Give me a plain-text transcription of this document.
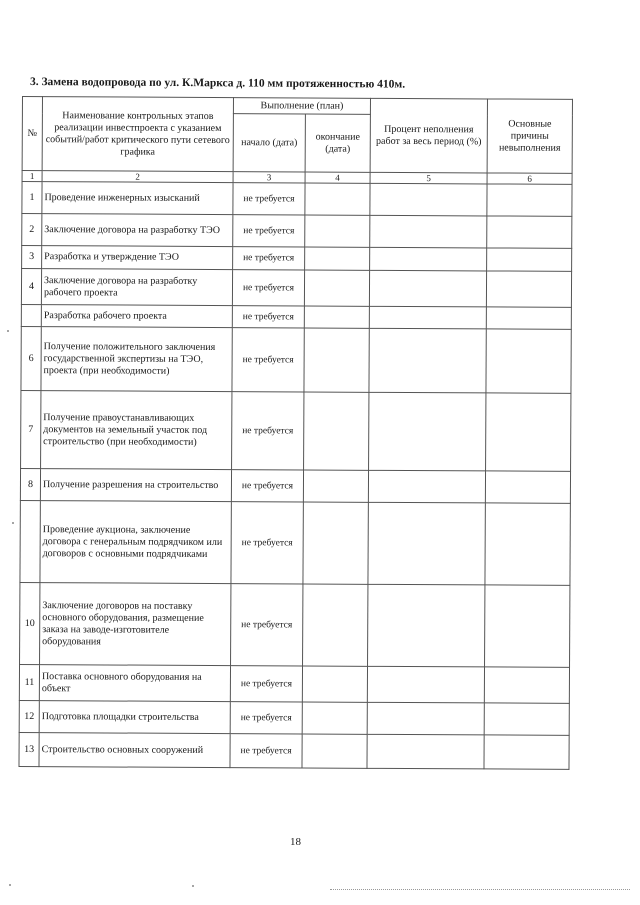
3. Замена водопровода по ул. К.Маркса д. 110 мм протяженностью 410м.
№	Наименование контрольных этапов реализации инвестпроекта с указанием событий/работ критического пути сетевого графика	Выполнение (план)		Процент неполнения работ за весь период (%)	Основные причины невыполнения
		начало (дата)	окончание (дата)		
1	2	3	4	5	6
1	Проведение инженерных изысканий	не требуется			
2	Заключение договора на разработку ТЭО	не требуется			
3	Разработка и утверждение ТЭО	не требуется			
4	Заключение договора на разработку рабочего проекта	не требуется			
	Разработка рабочего проекта	не требуется			
6	Получение положительного заключения государственной экспертизы на ТЭО, проекта (при необходимости)	не требуется			
7	Получение правоустанавливающих документов на земельный участок под строительство (при необходимости)	не требуется			
8	Получение разрешения на строительство	не требуется			
	Проведение аукциона, заключение договора с генеральным подрядчиком или договоров с основными подрядчиками	не требуется			
10	Заключение договоров на поставку основного оборудования, размещение заказа на заводе-изготовителе оборудования	не требуется			
11	Поставка основного оборудования на объект	не требуется			
12	Подготовка площадки строительства	не требуется			
13	Строительство основных сооружений	не требуется			
18
